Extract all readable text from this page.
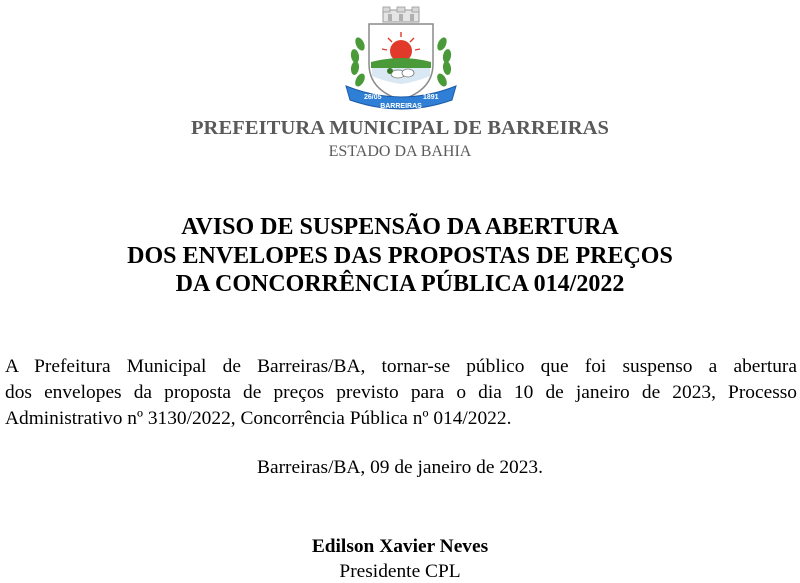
26/05	1891
BARREIRAS
PREFEITURA MUNICIPAL DE BARREIRAS
ESTADO DA BAHIA
AVISO DE SUSPENSÃO DA ABERTURA
DOS ENVELOPES DAS PROPOSTAS DE PREÇOS
DA CONCORRÊNCIA PÚBLICA 014/2022
A Prefeitura Municipal de Barreiras/BA, tornar-se público que foi suspenso a abertura
dos envelopes da proposta de preços previsto para o dia 10 de janeiro de 2023, Processo
Administrativo nº 3130/2022, Concorrência Pública nº 014/2022.
Barreiras/BA, 09 de janeiro de 2023.
Edilson Xavier Neves
Presidente CPL
